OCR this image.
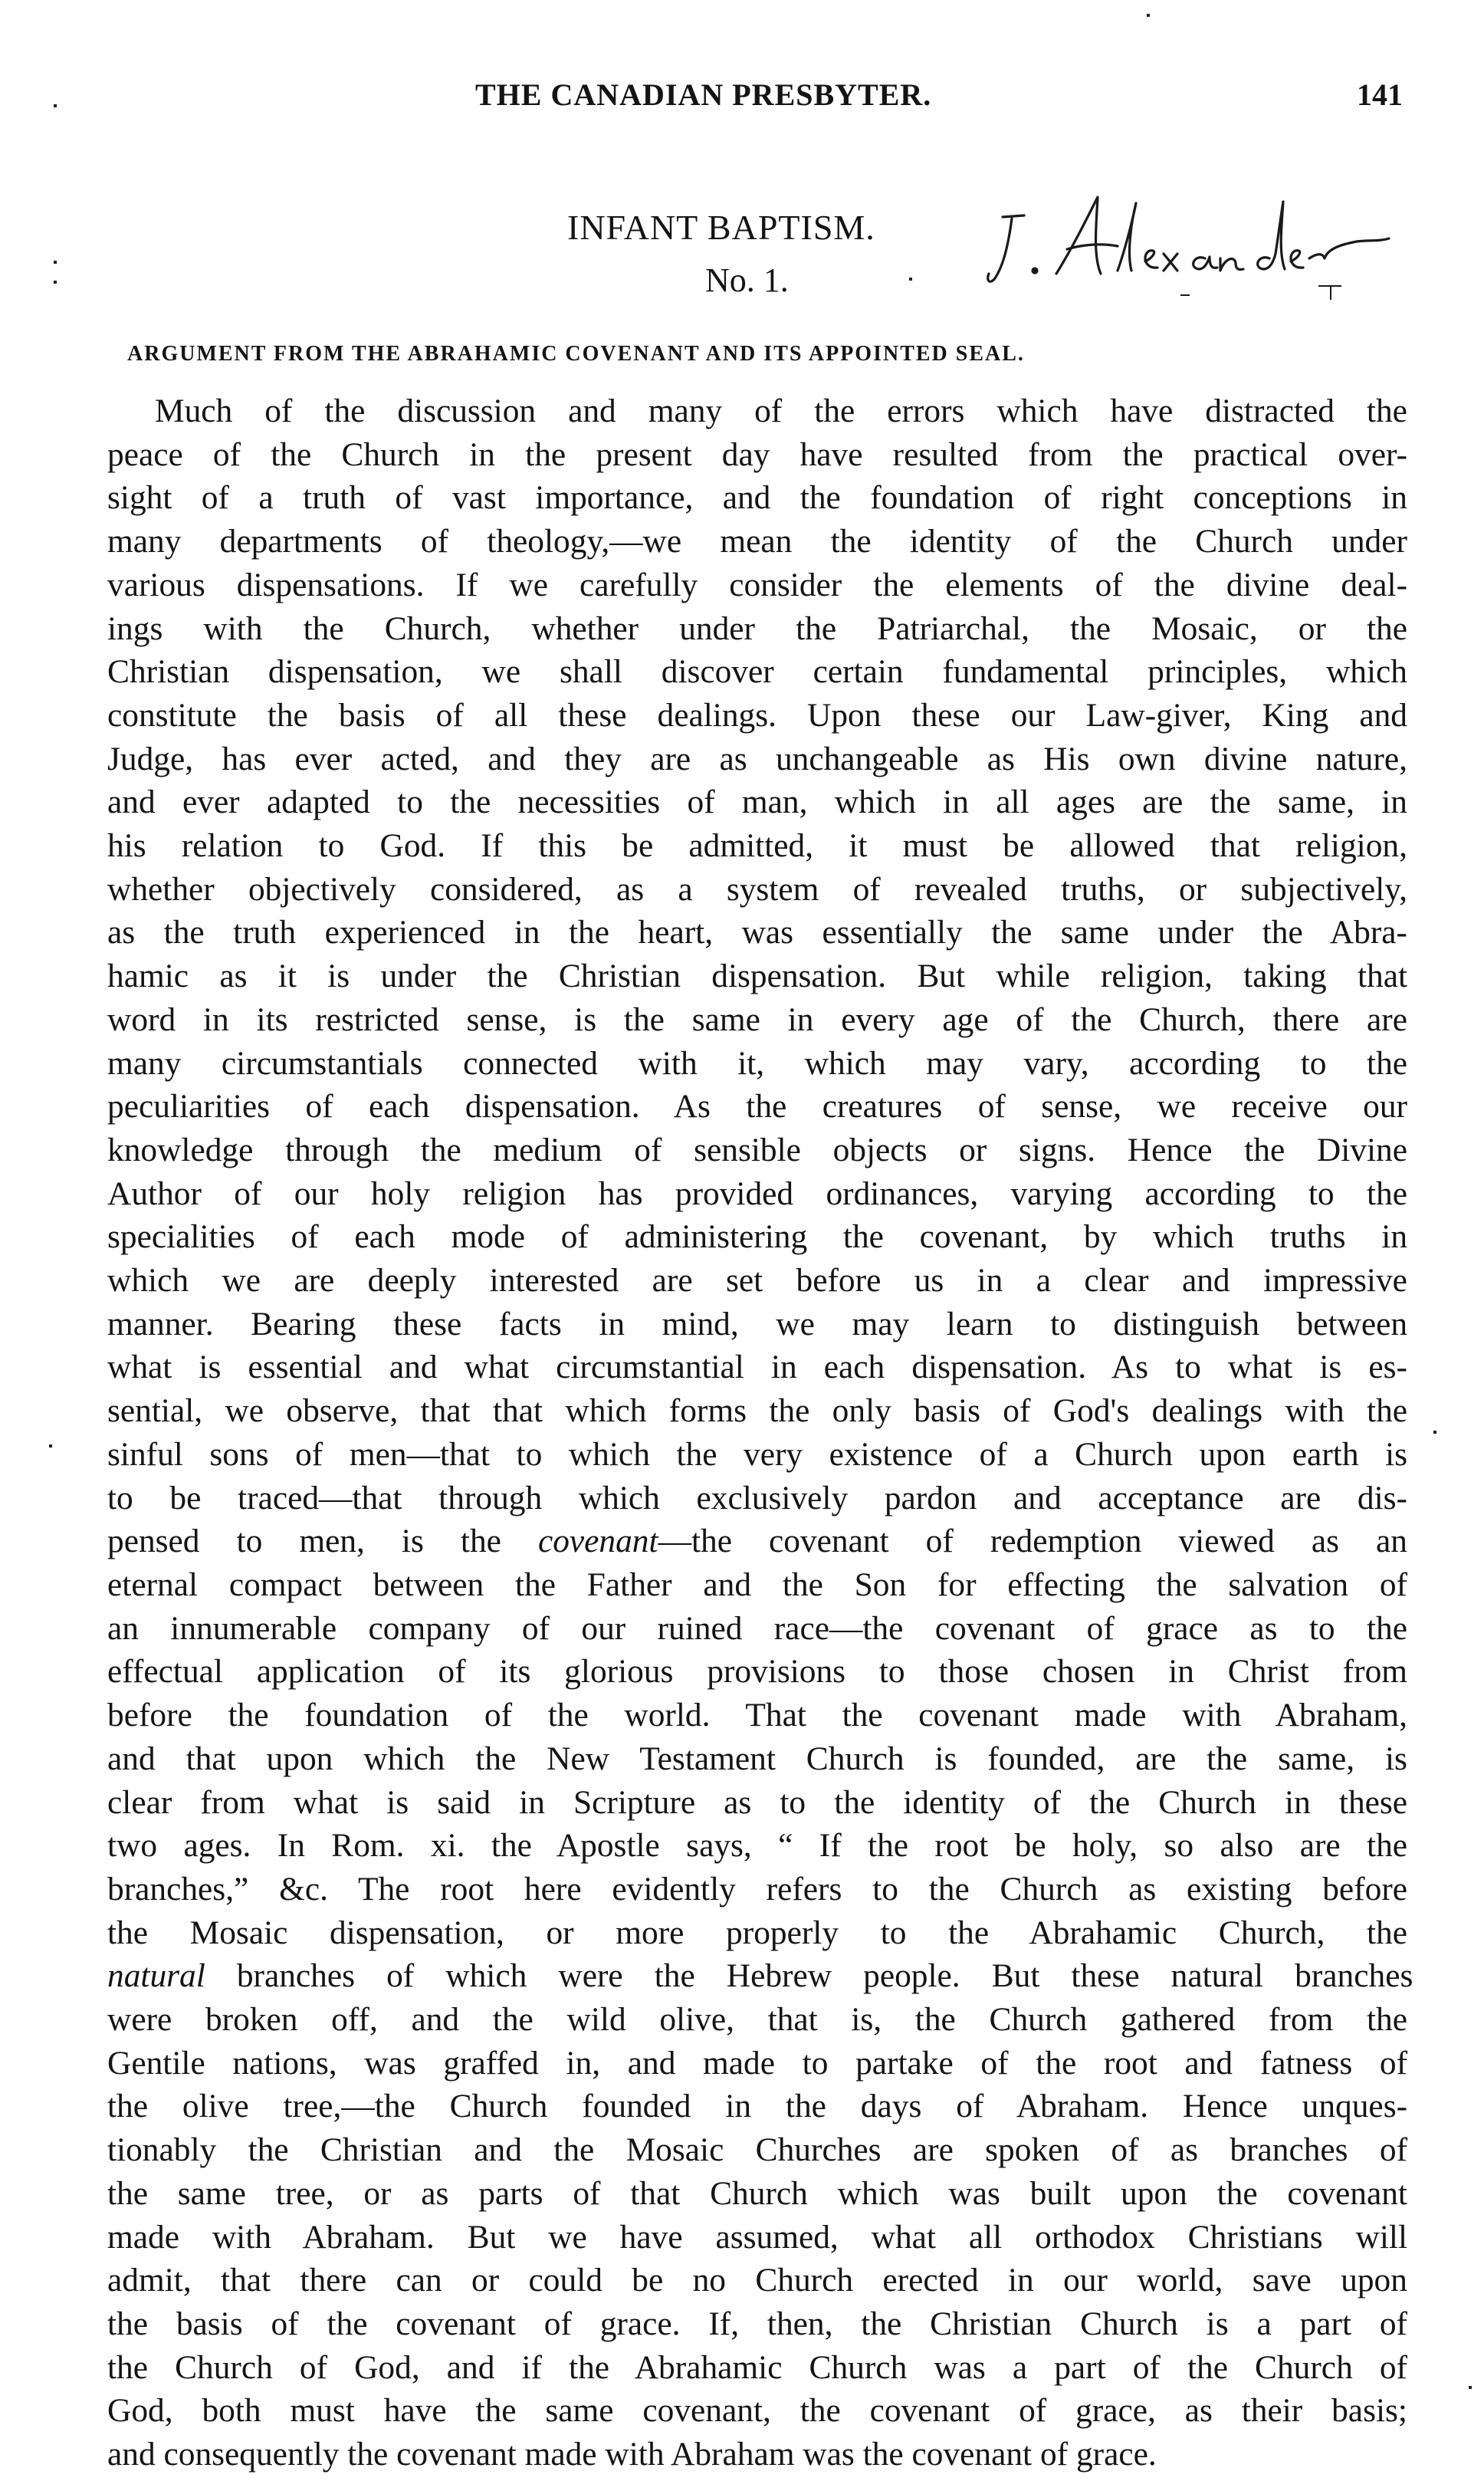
THE CANADIAN PRESBYTER.	141
INFANT BAPTISM.
No. 1.
ARGUMENT FROM THE ABRAHAMIC COVENANT AND ITS APPOINTED SEAL.
Much of the discussion and many of the errors which have distracted the
peace of the Church in the present day have resulted from the practical over-
sight of a truth of vast importance, and the foundation of right conceptions in
many departments of theology,—we mean the identity of the Church under
various dispensations. If we carefully consider the elements of the divine deal-
ings with the Church, whether under the Patriarchal, the Mosaic, or the
Christian dispensation, we shall discover certain fundamental principles, which
constitute the basis of all these dealings. Upon these our Law-giver, King and
Judge, has ever acted, and they are as unchangeable as His own divine nature,
and ever adapted to the necessities of man, which in all ages are the same, in
his relation to God. If this be admitted, it must be allowed that religion,
whether objectively considered, as a system of revealed truths, or subjectively,
as the truth experienced in the heart, was essentially the same under the Abra-
hamic as it is under the Christian dispensation. But while religion, taking that
word in its restricted sense, is the same in every age of the Church, there are
many circumstantials connected with it, which may vary, according to the
peculiarities of each dispensation. As the creatures of sense, we receive our
knowledge through the medium of sensible objects or signs. Hence the Divine
Author of our holy religion has provided ordinances, varying according to the
specialities of each mode of administering the covenant, by which truths in
which we are deeply interested are set before us in a clear and impressive
manner. Bearing these facts in mind, we may learn to distinguish between
what is essential and what circumstantial in each dispensation. As to what is es-
sential, we observe, that that which forms the only basis of God's dealings with the
sinful sons of men—that to which the very existence of a Church upon earth is
to be traced—that through which exclusively pardon and acceptance are dis-
pensed to men, is the covenant—the covenant of redemption viewed as an
eternal compact between the Father and the Son for effecting the salvation of
an innumerable company of our ruined race—the covenant of grace as to the
effectual application of its glorious provisions to those chosen in Christ from
before the foundation of the world. That the covenant made with Abraham,
and that upon which the New Testament Church is founded, are the same, is
clear from what is said in Scripture as to the identity of the Church in these
two ages. In Rom. xi. the Apostle says, “ If the root be holy, so also are the
branches,” &c. The root here evidently refers to the Church as existing before
the Mosaic dispensation, or more properly to the Abrahamic Church, the
natural branches of which were the Hebrew people. But these natural branches
were broken off, and the wild olive, that is, the Church gathered from the
Gentile nations, was graffed in, and made to partake of the root and fatness of
the olive tree,—the Church founded in the days of Abraham. Hence unques-
tionably the Christian and the Mosaic Churches are spoken of as branches of
the same tree, or as parts of that Church which was built upon the covenant
made with Abraham. But we have assumed, what all orthodox Christians will
admit, that there can or could be no Church erected in our world, save upon
the basis of the covenant of grace. If, then, the Christian Church is a part of
the Church of God, and if the Abrahamic Church was a part of the Church of
God, both must have the same covenant, the covenant of grace, as their basis;
and consequently the covenant made with Abraham was the covenant of grace.
